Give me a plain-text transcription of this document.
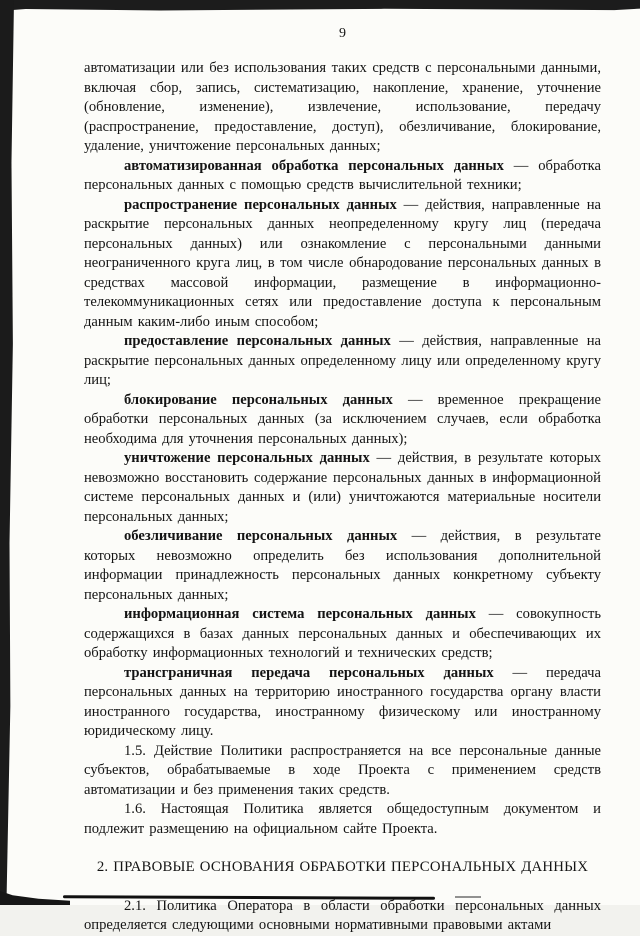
9

автоматизации или без использования таких средств с персональными данными, включая сбор, запись, систематизацию, накопление, хранение, уточнение (обновление, изменение), извлечение, использование, передачу (распространение, предоставление, доступ), обезличивание, блокирование, удаление, уничтожение персональных данных;

автоматизированная обработка персональных данных — обработка персональных данных с помощью средств вычислительной техники;

распространение персональных данных — действия, направленные на раскрытие персональных данных неопределенному кругу лиц (передача персональных данных) или ознакомление с персональными данными неограниченного круга лиц, в том числе обнародование персональных данных в средствах массовой информации, размещение в информационно-телекоммуникационных сетях или предоставление доступа к персональным данным каким-либо иным способом;

предоставление персональных данных — действия, направленные на раскрытие персональных данных определенному лицу или определенному кругу лиц;

блокирование персональных данных — временное прекращение обработки персональных данных (за исключением случаев, если обработка необходима для уточнения персональных данных);

уничтожение персональных данных — действия, в результате которых невозможно восстановить содержание персональных данных в информационной системе персональных данных и (или) уничтожаются материальные носители персональных данных;

обезличивание персональных данных — действия, в результате которых невозможно определить без использования дополнительной информации принадлежность персональных данных конкретному субъекту персональных данных;

информационная система персональных данных — совокупность содержащихся в базах данных персональных данных и обеспечивающих их обработку информационных технологий и технических средств;

трансграничная передача персональных данных — передача персональных данных на территорию иностранного государства органу власти иностранного государства, иностранному физическому или иностранному юридическому лицу.

1.5. Действие Политики распространяется на все персональные данные субъектов, обрабатываемые в ходе Проекта с применением средств автоматизации и без применения таких средств.

1.6. Настоящая Политика является общедоступным документом и подлежит размещению на официальном сайте Проекта.

2. ПРАВОВЫЕ ОСНОВАНИЯ ОБРАБОТКИ ПЕРСОНАЛЬНЫХ ДАННЫХ

2.1. Политика Оператора в области обработки персональных данных определяется следующими основными нормативными правовыми актами
